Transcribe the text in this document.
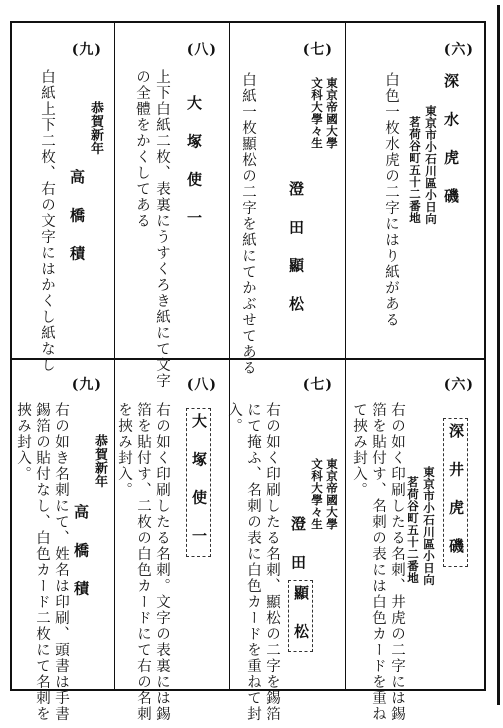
(六)
深 水 虎 磯
東京市小石川區小日向
茗荷谷町五十二番地
白色一枚水虎の二字にはり紙がある
(七)
東京帝國大學
文科大學々生
澄 田 顯 松
白紙一枚顯松の二字を紙にてかぶせてある
(八)
大 塚 使 一
上下白紙二枚、表裏にうすくろき紙にて文字
の全體をかくしてある
(九)
恭賀新年
高 橋 積
白紙上下二枚、右の文字にはかくし紙なし
(六)
深 井 虎 磯
東京市小石川區小日向
茗荷谷町五十二番地
右の如く印刷したる名刺、井虎の二字には錫
箔を貼付す、名刺の表には白色カードを重ね
て挾み封入。
(七)
東京帝國大學
文科大學々生
澄 田
顯 松
右の如く印刷したる名刺、顯松の二字を錫箔
にて掩ふ、名刺の表に白色カードを重ねて封
入。
(八)
大 塚 使 一
右の如く印刷したる名刺。文字の表裏には錫
箔を貼付す、二枚の白色カードにて右の名刺
を挾み封入。
(九)
恭賀新年
高 橋 積
右の如き名刺にて、姓名は印刷、頭書は手書
錫箔の貼付なし、白色カード二枚にて名刺を
挾み封入。
